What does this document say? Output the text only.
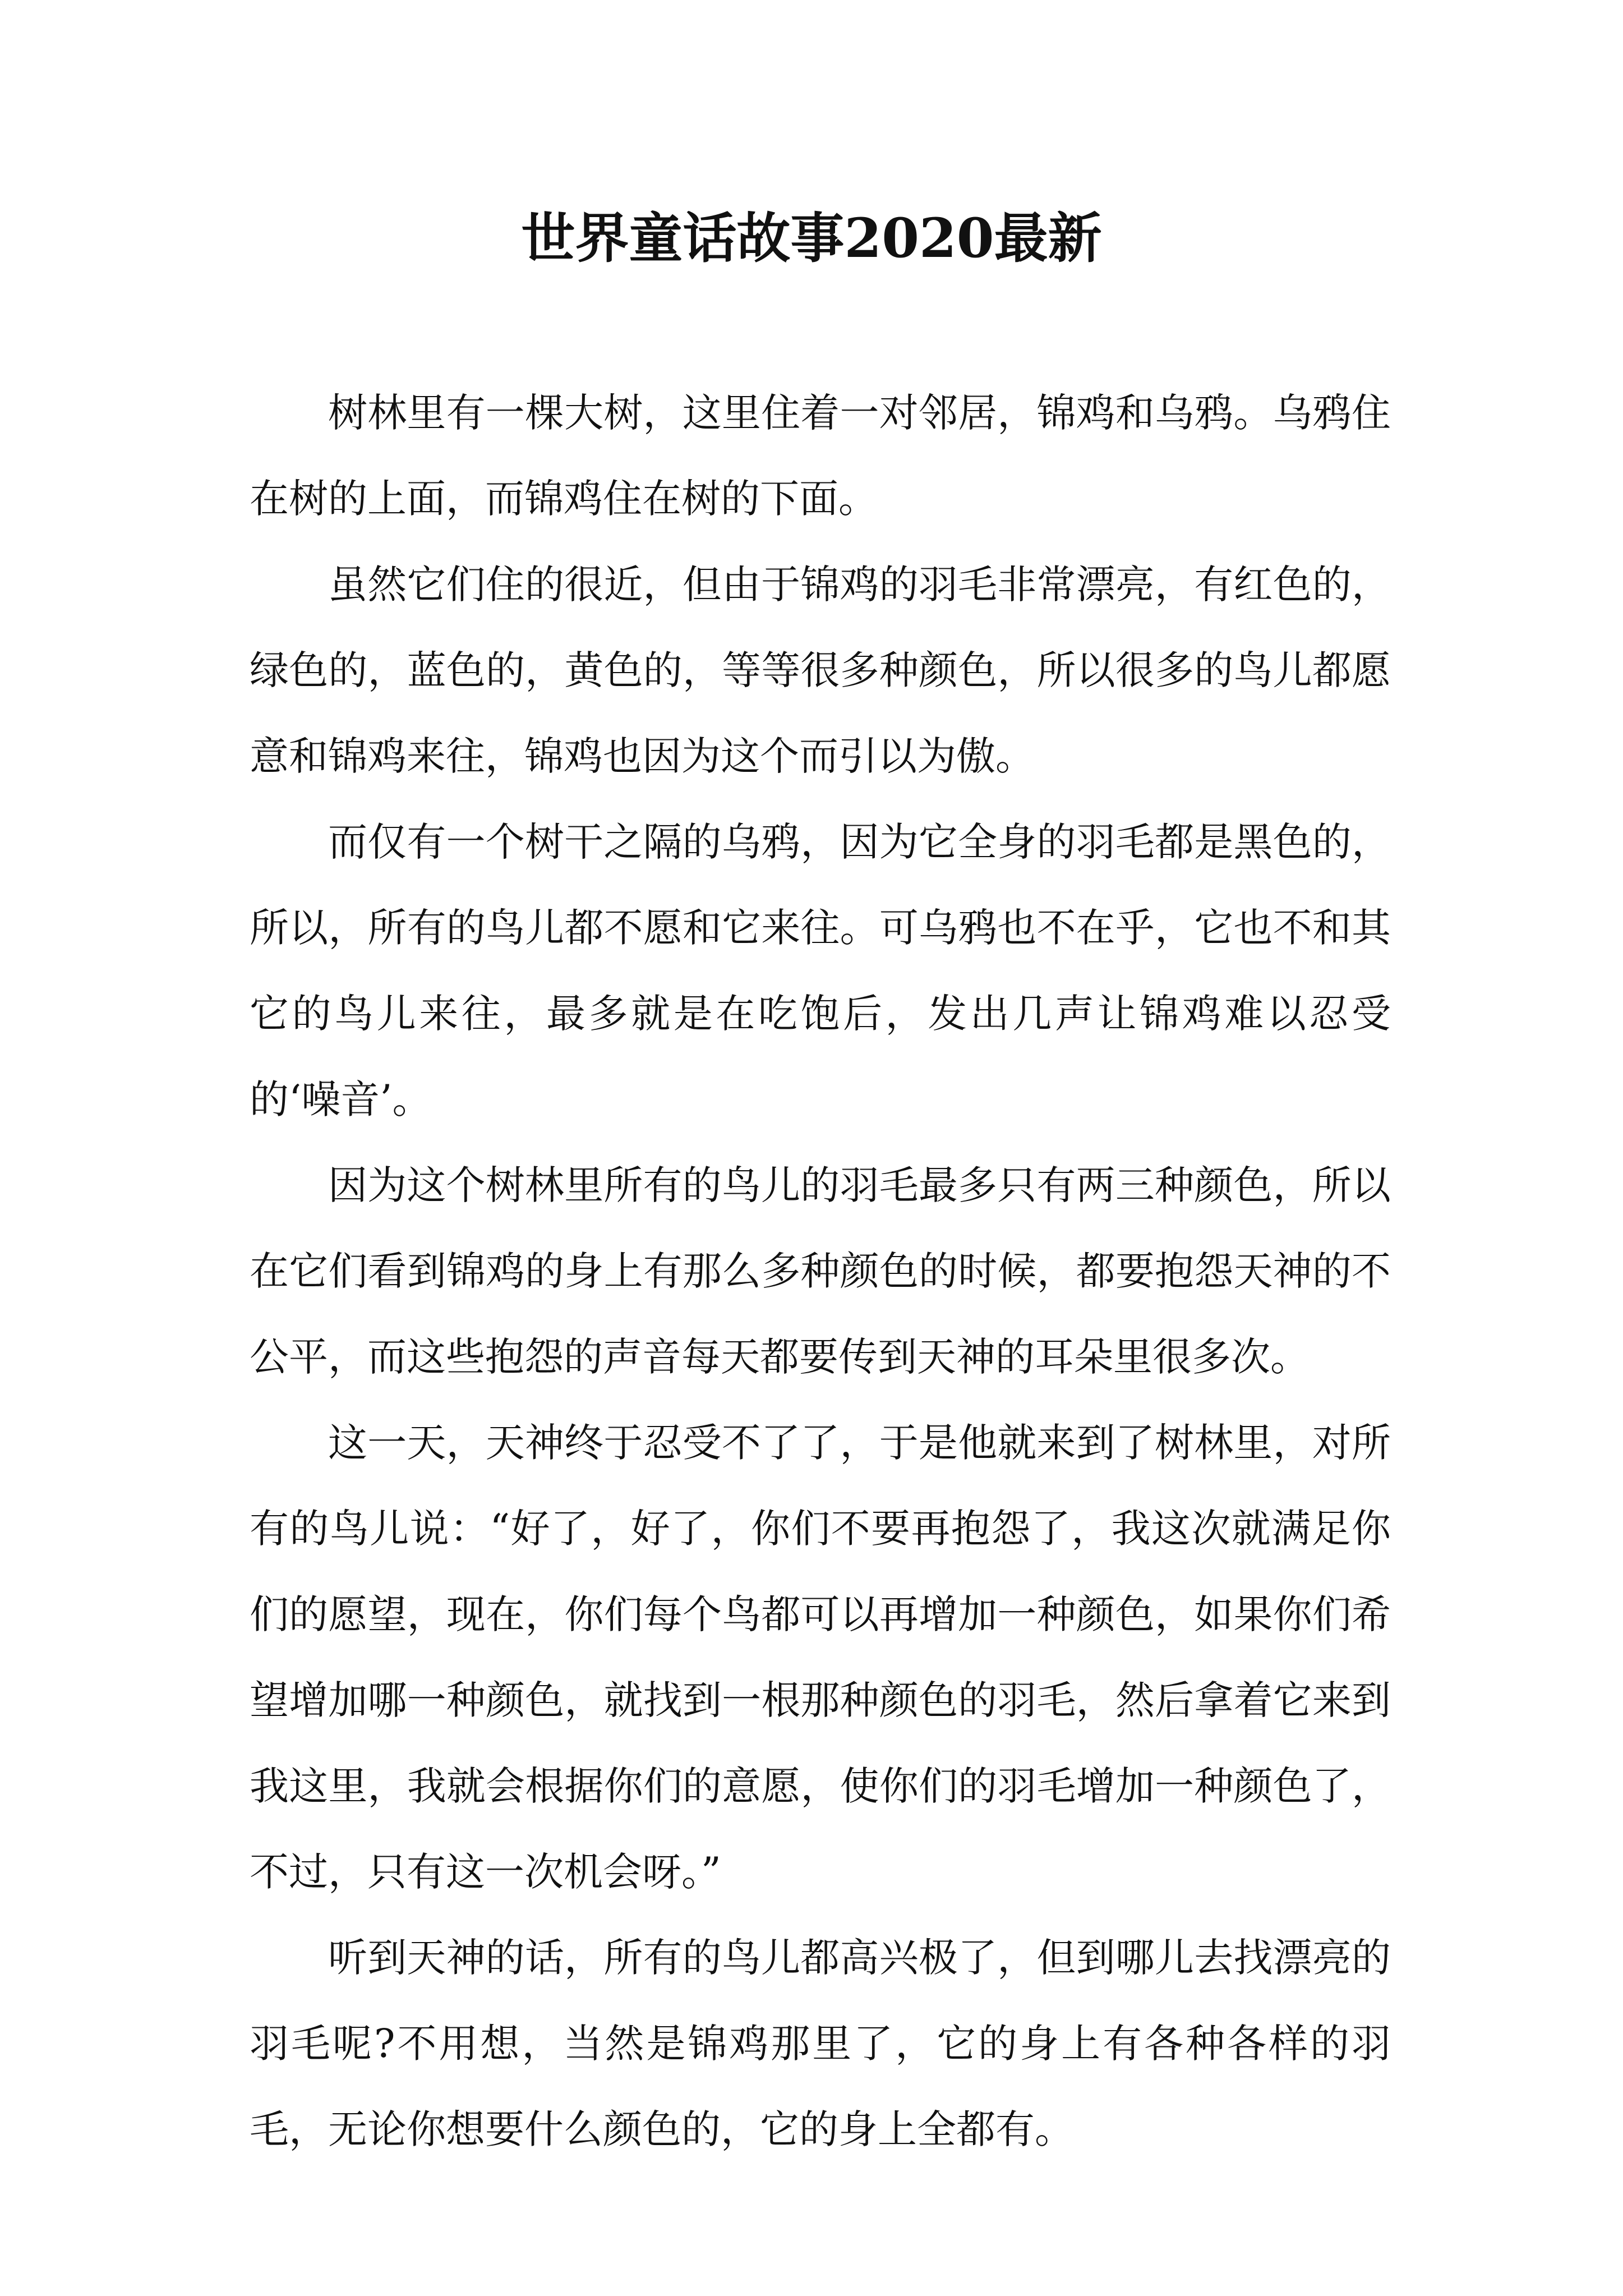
世界童话故事2020最新

树林里有一棵大树，这里住着一对邻居，锦鸡和乌鸦。乌鸦住在树的上面，而锦鸡住在树的下面。

虽然它们住的很近，但由于锦鸡的羽毛非常漂亮，有红色的，绿色的，蓝色的，黄色的，等等很多种颜色，所以很多的鸟儿都愿意和锦鸡来往，锦鸡也因为这个而引以为傲。

而仅有一个树干之隔的乌鸦，因为它全身的羽毛都是黑色的，所以，所有的鸟儿都不愿和它来往。可乌鸦也不在乎，它也不和其它的鸟儿来往，最多就是在吃饱后，发出几声让锦鸡难以忍受的‘噪音’。

因为这个树林里所有的鸟儿的羽毛最多只有两三种颜色，所以在它们看到锦鸡的身上有那么多种颜色的时候，都要抱怨天神的不公平，而这些抱怨的声音每天都要传到天神的耳朵里很多次。

这一天，天神终于忍受不了了，于是他就来到了树林里，对所有的鸟儿说：“好了，好了，你们不要再抱怨了，我这次就满足你们的愿望，现在，你们每个鸟都可以再增加一种颜色，如果你们希望增加哪一种颜色，就找到一根那种颜色的羽毛，然后拿着它来到我这里，我就会根据你们的意愿，使你们的羽毛增加一种颜色了，不过，只有这一次机会呀。”

听到天神的话，所有的鸟儿都高兴极了，但到哪儿去找漂亮的羽毛呢?不用想，当然是锦鸡那里了，它的身上有各种各样的羽毛，无论你想要什么颜色的，它的身上全都有。
